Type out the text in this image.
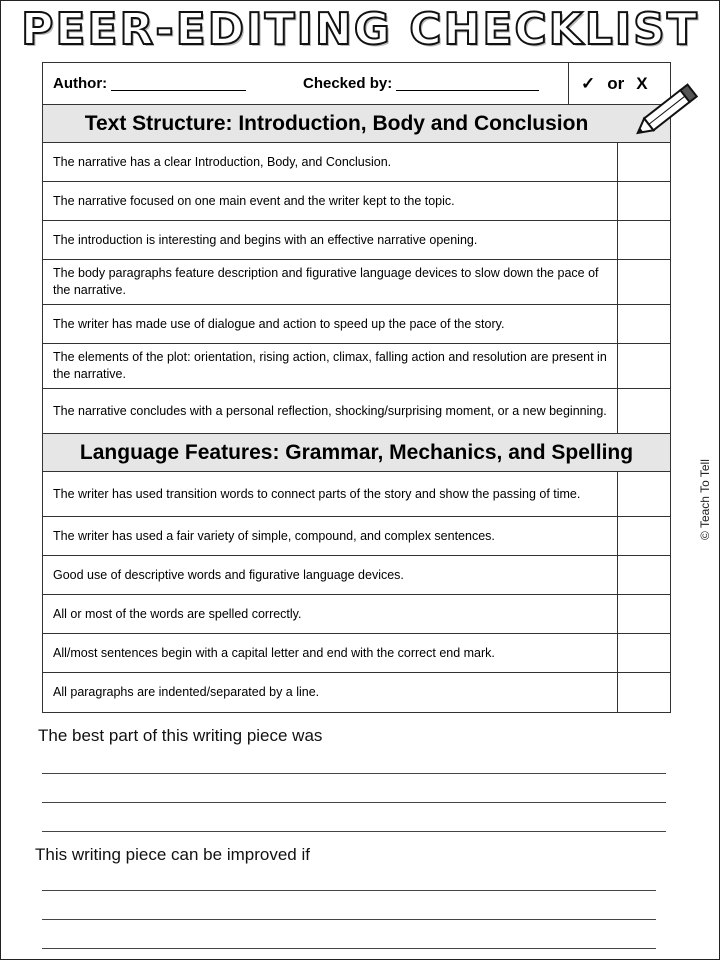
PEER-EDITING CHECKLIST
Author:	Checked by:	✓ or X
Text Structure: Introduction, Body and Conclusion
The narrative has a clear Introduction, Body, and Conclusion.
The narrative focused on one main event and the writer kept to the topic.
The introduction is interesting and begins with an effective narrative opening.
The body paragraphs feature description and figurative language devices to slow down the pace of the narrative.
The writer has made use of dialogue and action to speed up the pace of the story.
The elements of the plot: orientation, rising action, climax, falling action and resolution are present in the narrative.
The narrative concludes with a personal reflection, shocking/surprising moment, or a new beginning.
Language Features: Grammar, Mechanics, and Spelling
The writer has used transition words to connect parts of the story and show the passing of time.
The writer has used a fair variety of simple, compound, and complex sentences.
Good use of descriptive words and figurative language devices.
All or most of the words are spelled correctly.
All/most sentences begin with a capital letter and end with the correct end mark.
All paragraphs are indented/separated by a line.
The best part of this writing piece was
This writing piece can be improved if
© Teach To Tell
